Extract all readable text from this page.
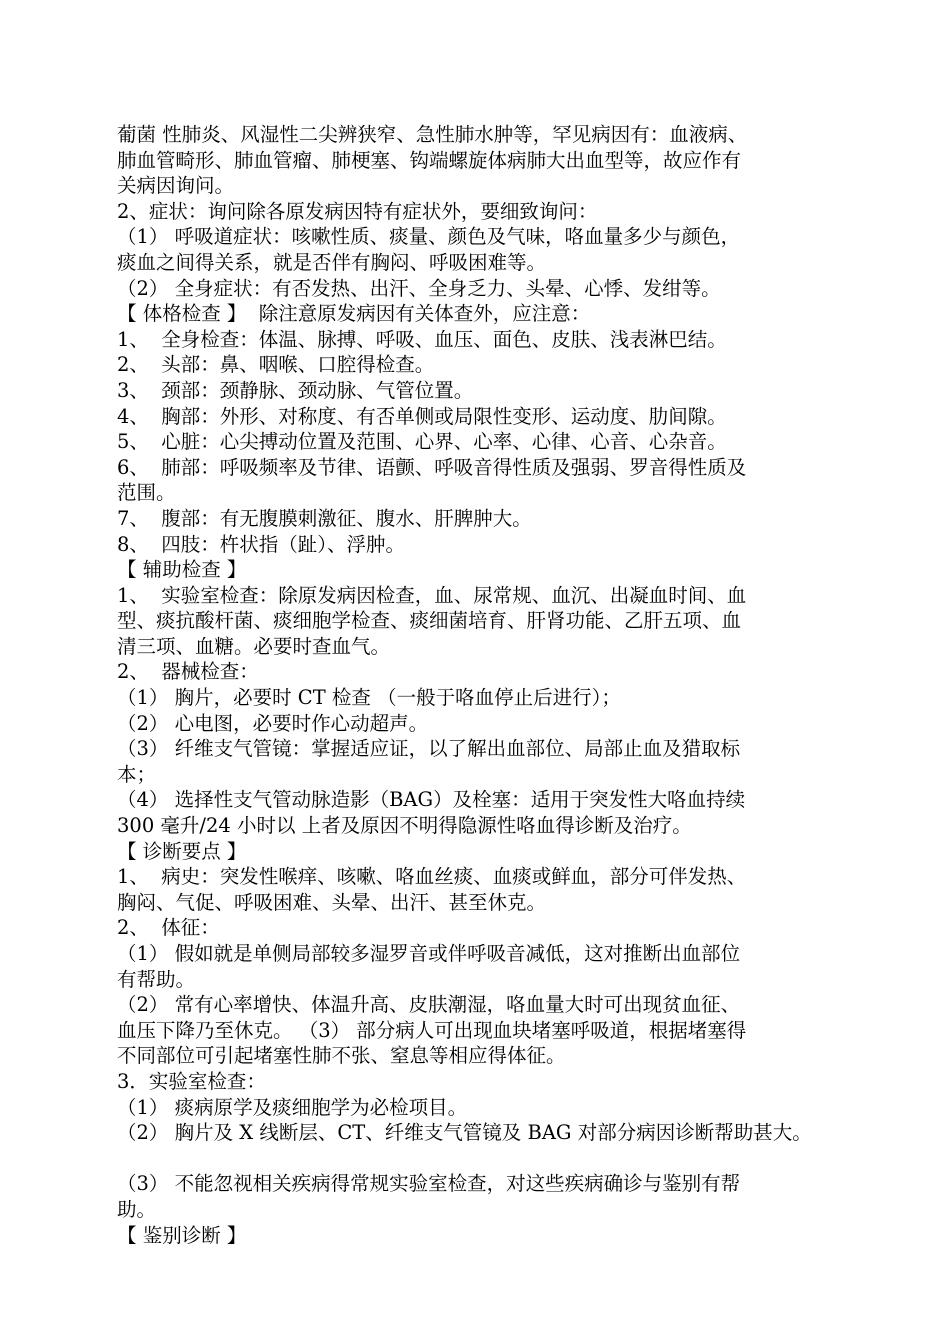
葡菌 性肺炎、风湿性二尖辨狭窄、急性肺水肿等，罕见病因有：血液病、
肺血管畸形、肺血管瘤、肺梗塞、钩端螺旋体病肺大出血型等，故应作有
关病因询问。
2、症状：询问除各原发病因特有症状外，要细致询问：
（1） 呼吸道症状：咳嗽性质、痰量、颜色及气味，咯血量多少与颜色，
痰血之间得关系，就是否伴有胸闷、呼吸困难等。
（2） 全身症状：有否发热、出汗、全身乏力、头晕、心悸、发绀等。
【 体格检查 】  除注意原发病因有关体查外，应注意：
1、  全身检查：体温、脉搏、呼吸、血压、面色、皮肤、浅表淋巴结。
2、  头部：鼻、咽喉、口腔得检查。
3、  颈部：颈静脉、颈动脉、气管位置。
4、  胸部：外形、对称度、有否单侧或局限性变形、运动度、肋间隙。
5、  心脏：心尖搏动位置及范围、心界、心率、心律、心音、心杂音。
6、  肺部：呼吸频率及节律、语颤、呼吸音得性质及强弱、罗音得性质及
范围。
7、  腹部：有无腹膜刺激征、腹水、肝脾肿大。
8、  四肢：杵状指（趾）、浮肿。
【 辅助检查 】
1、  实验室检查：除原发病因检查，血、尿常规、血沉、出凝血时间、血
型、痰抗酸杆菌、痰细胞学检查、痰细菌培育、肝肾功能、乙肝五项、血
清三项、血糖。必要时查血气。
2、  器械检查：
（1） 胸片，必要时 CT 检查 （一般于咯血停止后进行）；
（2） 心电图，必要时作心动超声。
（3） 纤维支气管镜：掌握适应证，以了解出血部位、局部止血及猎取标
本；
（4） 选择性支气管动脉造影（BAG）及栓塞：适用于突发性大咯血持续
300 毫升/24 小时以 上者及原因不明得隐源性咯血得诊断及治疗。
【 诊断要点 】
1、  病史：突发性喉痒、咳嗽、咯血丝痰、血痰或鲜血，部分可伴发热、
胸闷、气促、呼吸困难、头晕、出汗、甚至休克。
2、  体征：
（1） 假如就是单侧局部较多湿罗音或伴呼吸音减低，这对推断出血部位
有帮助。
（2） 常有心率增快、体温升高、皮肤潮湿，咯血量大时可出现贫血征、
血压下降乃至休克。 （3） 部分病人可出现血块堵塞呼吸道，根据堵塞得
不同部位可引起堵塞性肺不张、窒息等相应得体征。
3．实验室检查：
（1） 痰病原学及痰细胞学为必检项目。
（2） 胸片及 X 线断层、CT、纤维支气管镜及 BAG 对部分病因诊断帮助甚大。
（3） 不能忽视相关疾病得常规实验室检查，对这些疾病确诊与鉴别有帮
助。
【 鉴别诊断 】
